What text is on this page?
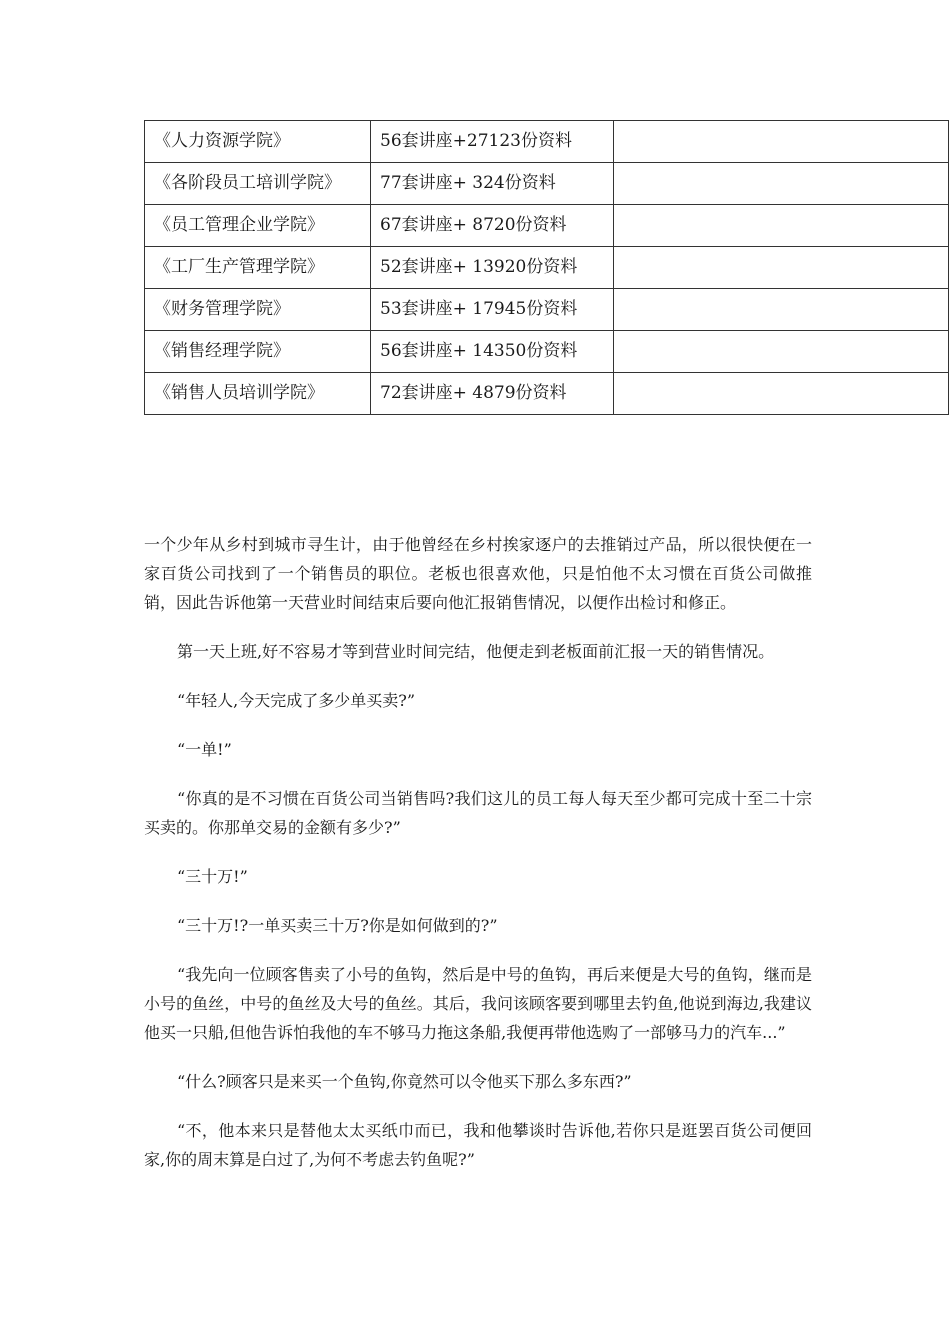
《人力资源学院》	56套讲座+27123份资料	
《各阶段员工培训学院》	77套讲座+ 324份资料	
《员工管理企业学院》	67套讲座+ 8720份资料	
《工厂生产管理学院》	52套讲座+ 13920份资料	
《财务管理学院》	53套讲座+ 17945份资料	
《销售经理学院》	56套讲座+ 14350份资料	
《销售人员培训学院》	72套讲座+ 4879份资料	

一个少年从乡村到城市寻生计，由于他曾经在乡村挨家逐户的去推销过产品，所以很快便在一家百货公司找到了一个销售员的职位。老板也很喜欢他，只是怕他不太习惯在百货公司做推销，因此告诉他第一天营业时间结束后要向他汇报销售情况，以便作出检讨和修正。

第一天上班,好不容易才等到营业时间完结，他便走到老板面前汇报一天的销售情况。

“年轻人,今天完成了多少单买卖?”

“一单!”

“你真的是不习惯在百货公司当销售吗?我们这儿的员工每人每天至少都可完成十至二十宗买卖的。你那单交易的金额有多少?”

“三十万!”

“三十万!?一单买卖三十万?你是如何做到的?”

“我先向一位顾客售卖了小号的鱼钩，然后是中号的鱼钩，再后来便是大号的鱼钩，继而是小号的鱼丝，中号的鱼丝及大号的鱼丝。其后，我问该顾客要到哪里去钓鱼,他说到海边,我建议他买一只船,但他告诉怕我他的车不够马力拖这条船,我便再带他选购了一部够马力的汽车...”

“什么?顾客只是来买一个鱼钩,你竟然可以令他买下那么多东西?”

“不，他本来只是替他太太买纸巾而已，我和他攀谈时告诉他,若你只是逛罢百货公司便回家,你的周末算是白过了,为何不考虑去钓鱼呢?”
